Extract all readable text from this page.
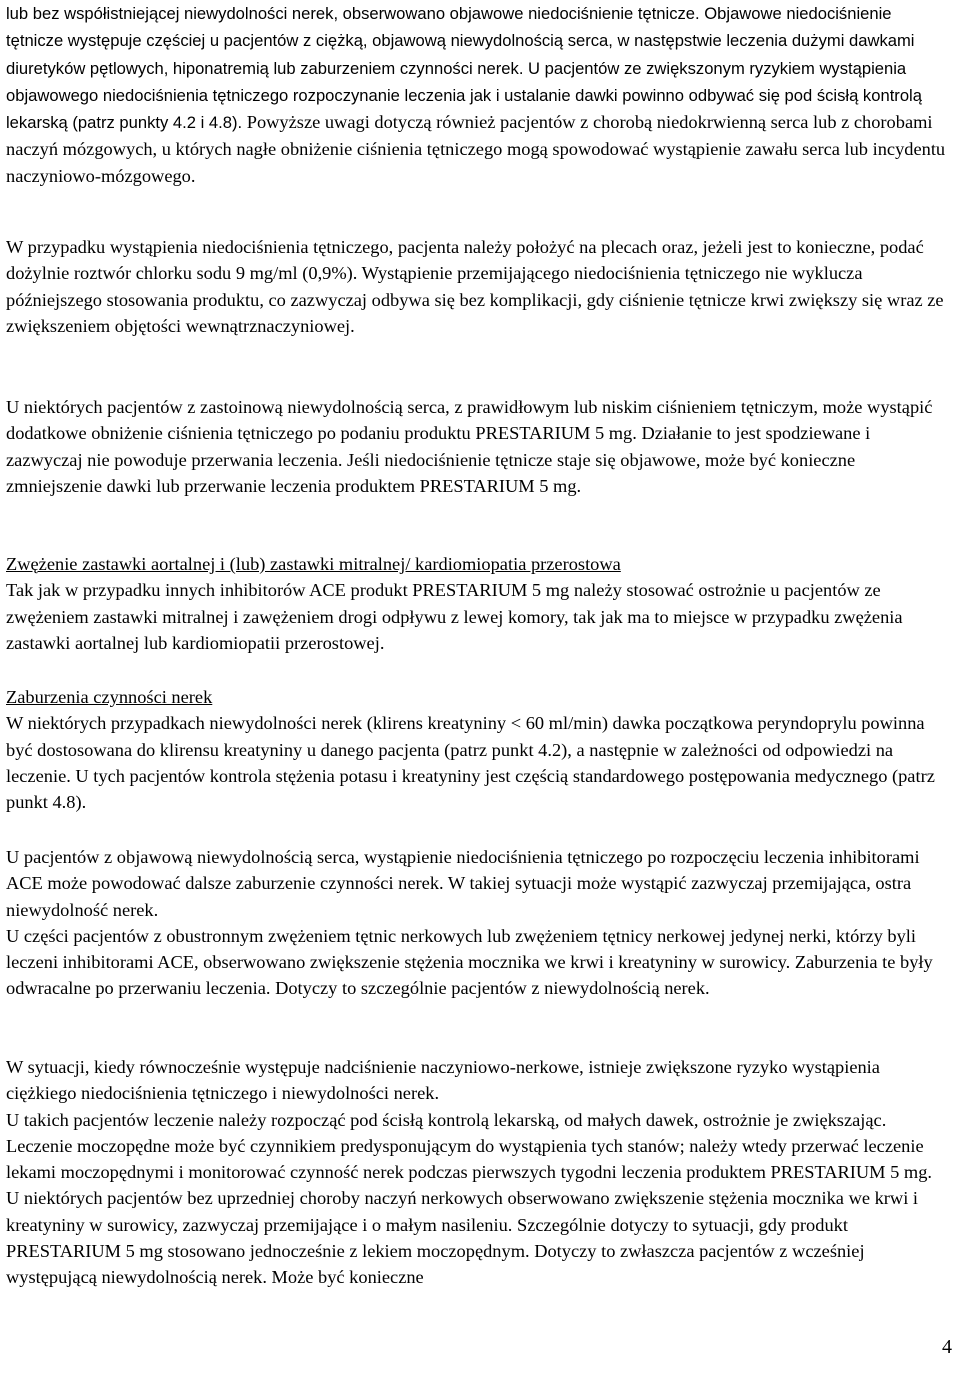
lub bez współistniejącej niewydolności nerek, obserwowano objawowe niedociśnienie tętnicze. Objawowe niedociśnienie tętnicze występuje częściej u pacjentów z ciężką, objawową niewydolnością serca, w następstwie leczenia dużymi dawkami diuretyków pętlowych, hiponatremią lub zaburzeniem czynności nerek. U pacjentów ze zwiększonym ryzykiem wystąpienia objawowego niedociśnienia tętniczego rozpoczynanie leczenia jak i ustalanie dawki powinno odbywać się pod ścisłą kontrolą lekarską (patrz punkty 4.2 i 4.8). Powyższe uwagi dotyczą również pacjentów z chorobą niedokrwienną serca lub z chorobami naczyń mózgowych, u których nagłe obniżenie ciśnienia tętniczego mogą spowodować wystąpienie zawału serca lub incydentu naczyniowo-mózgowego.

W przypadku wystąpienia niedociśnienia tętniczego, pacjenta należy położyć na plecach oraz, jeżeli jest to konieczne, podać dożylnie roztwór chlorku sodu 9 mg/ml (0,9%). Wystąpienie przemijającego niedociśnienia tętniczego nie wyklucza późniejszego stosowania produktu, co zazwyczaj odbywa się bez komplikacji, gdy ciśnienie tętnicze krwi zwiększy się wraz ze zwiększeniem objętości wewnątrznaczyniowej.

U niektórych pacjentów z zastoinową niewydolnością serca, z prawidłowym lub niskim ciśnieniem tętniczym, może wystąpić dodatkowe obniżenie ciśnienia tętniczego po podaniu produktu PRESTARIUM 5 mg. Działanie to jest spodziewane i zazwyczaj nie powoduje przerwania leczenia. Jeśli niedociśnienie tętnicze staje się objawowe, może być konieczne zmniejszenie dawki lub przerwanie leczenia produktem PRESTARIUM 5 mg.

Zwężenie zastawki aortalnej i (lub) zastawki mitralnej/ kardiomiopatia przerostowa

Tak jak w przypadku innych inhibitorów ACE produkt PRESTARIUM 5 mg należy stosować ostrożnie u pacjentów ze zwężeniem zastawki mitralnej i zawężeniem drogi odpływu z lewej komory, tak jak ma to miejsce w przypadku zwężenia zastawki aortalnej lub kardiomiopatii przerostowej.

Zaburzenia czynności nerek

W niektórych przypadkach niewydolności nerek (klirens kreatyniny < 60 ml/min) dawka początkowa peryndoprylu powinna być dostosowana do klirensu kreatyniny u danego pacjenta (patrz punkt 4.2), a następnie w zależności od odpowiedzi na leczenie. U tych pacjentów kontrola stężenia potasu i kreatyniny jest częścią standardowego postępowania medycznego (patrz punkt 4.8).

U pacjentów z objawową niewydolnością serca, wystąpienie niedociśnienia tętniczego po rozpoczęciu leczenia inhibitorami ACE może powodować dalsze zaburzenie czynności nerek. W takiej sytuacji może wystąpić zazwyczaj przemijająca, ostra niewydolność nerek.

U części pacjentów z obustronnym zwężeniem tętnic nerkowych lub zwężeniem tętnicy nerkowej jedynej nerki, którzy byli leczeni inhibitorami ACE, obserwowano zwiększenie stężenia mocznika we krwi i kreatyniny w surowicy. Zaburzenia te były odwracalne po przerwaniu leczenia. Dotyczy to szczególnie pacjentów z niewydolnością nerek.

W sytuacji, kiedy równocześnie występuje nadciśnienie naczyniowo-nerkowe, istnieje zwiększone ryzyko wystąpienia ciężkiego niedociśnienia tętniczego i niewydolności nerek.

U takich pacjentów leczenie należy rozpocząć pod ścisłą kontrolą lekarską, od małych dawek, ostrożnie je zwiększając. Leczenie moczopędne może być czynnikiem predysponującym do wystąpienia tych stanów; należy wtedy przerwać leczenie lekami moczopędnymi i monitorować czynność nerek podczas pierwszych tygodni leczenia produktem PRESTARIUM 5 mg.

U niektórych pacjentów bez uprzedniej choroby naczyń nerkowych obserwowano zwiększenie stężenia mocznika we krwi i kreatyniny w surowicy, zazwyczaj przemijające i o małym nasileniu. Szczególnie dotyczy to sytuacji, gdy produkt PRESTARIUM 5 mg stosowano jednocześnie z lekiem moczopędnym. Dotyczy to zwłaszcza pacjentów z wcześniej występującą niewydolnością nerek. Może być konieczne

4
